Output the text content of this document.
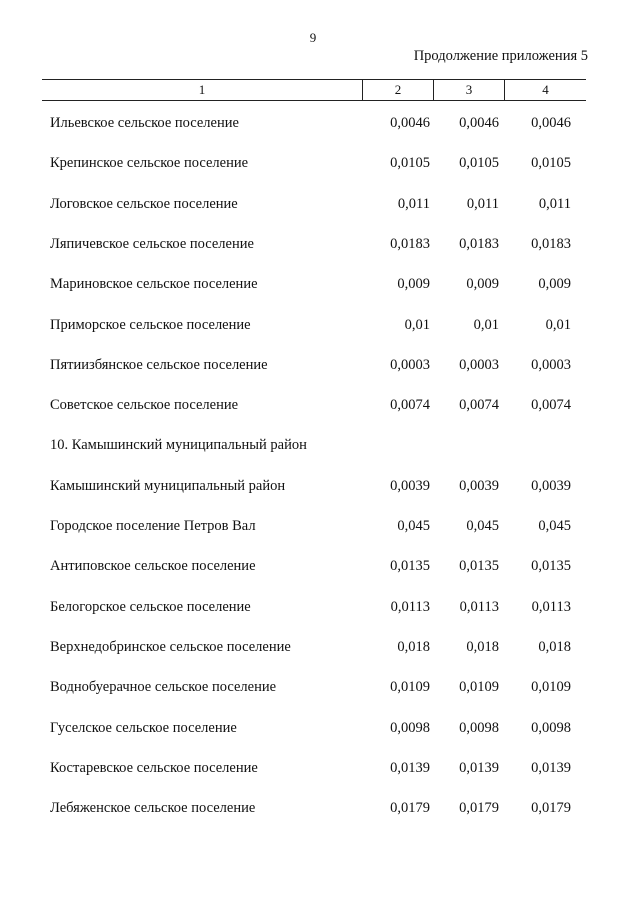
9
Продолжение приложения 5
1	2	3	4
Ильевское сельское поселение	0,0046 0,0046 0,0046
Крепинское сельское поселение	0,0105 0,0105 0,0105
Логовское сельское поселение	0,011	0,011	0,011
Ляпичевское сельское поселение	0,0183 0,0183 0,0183
Мариновское сельское поселение	0,009	0,009	0,009
Приморское сельское поселение	0,01	0,01	0,01
Пятиизбянское сельское поселение	0,0003 0,0003 0,0003
Советское сельское поселение	0,0074 0,0074 0,0074
10. Камышинский муниципальный район
Камышинский муниципальный район	0,0039 0,0039 0,0039
Городское поселение Петров Вал	0,045	0,045	0,045
Антиповское сельское поселение	0,0135 0,0135 0,0135
Белогорское сельское поселение	0,0113 0,0113 0,0113
Верхнедобринское сельское поселение	0,018	0,018	0,018
Воднобуерачное сельское поселение	0,0109 0,0109 0,0109
Гуселское сельское поселение	0,0098 0,0098 0,0098
Костаревское сельское поселение	0,0139 0,0139 0,0139
Лебяженское сельское поселение	0,0179 0,0179 0,0179
